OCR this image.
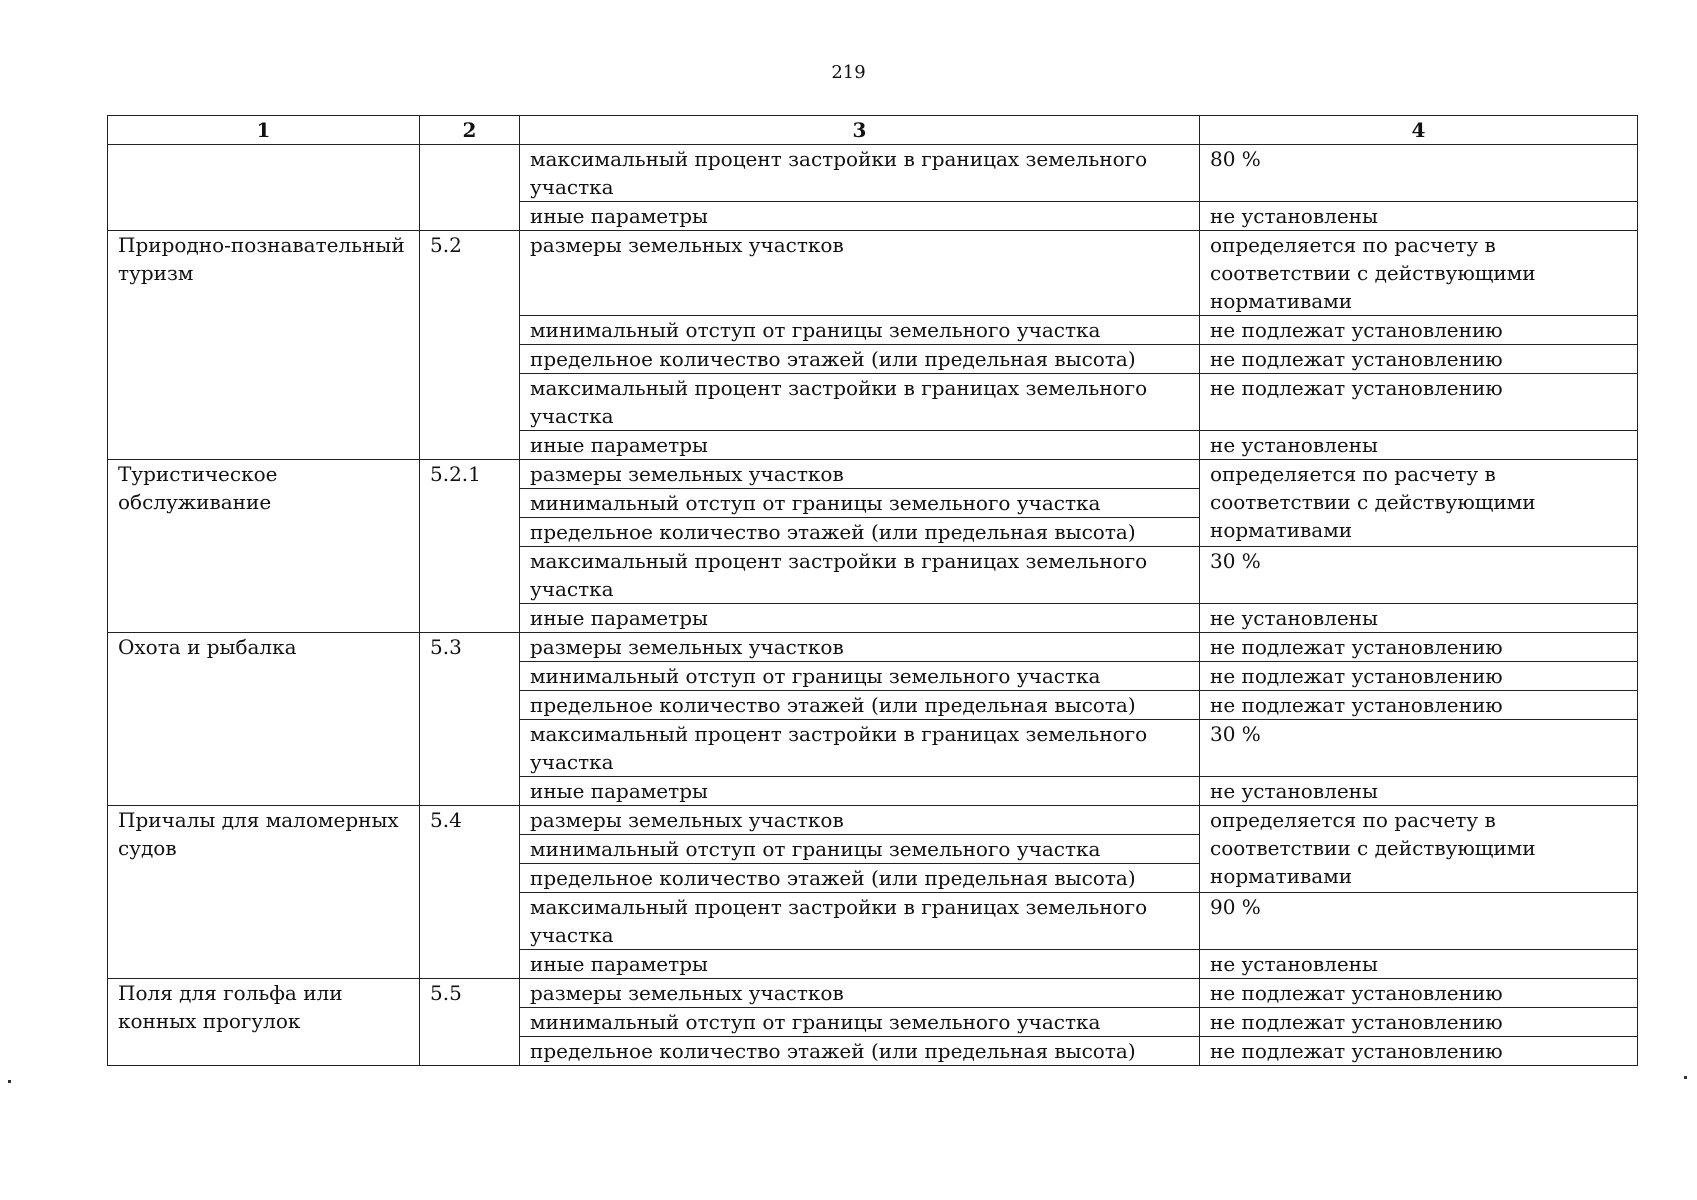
219
1	2	3	4
		максимальный процент застройки в границах земельного участка	80 %
		иные параметры	не установлены
Природно-познавательный туризм	5.2	размеры земельных участков	определяется по расчету в соответствии с действующими нормативами
		минимальный отступ от границы земельного участка	не подлежат установлению
		предельное количество этажей (или предельная высота)	не подлежат установлению
		максимальный процент застройки в границах земельного участка	не подлежат установлению
		иные параметры	не установлены
Туристическое обслуживание	5.2.1	размеры земельных участков	определяется по расчету в соответствии с действующими нормативами
		минимальный отступ от границы земельного участка	
		предельное количество этажей (или предельная высота)	
		максимальный процент застройки в границах земельного участка	30 %
		иные параметры	не установлены
Охота и рыбалка	5.3	размеры земельных участков	не подлежат установлению
		минимальный отступ от границы земельного участка	не подлежат установлению
		предельное количество этажей (или предельная высота)	не подлежат установлению
		максимальный процент застройки в границах земельного участка	30 %
		иные параметры	не установлены
Причалы для маломерных судов	5.4	размеры земельных участков	определяется по расчету в соответствии с действующими нормативами
		минимальный отступ от границы земельного участка	
		предельное количество этажей (или предельная высота)	
		максимальный процент застройки в границах земельного участка	90 %
		иные параметры	не установлены
Поля для гольфа или конных прогулок	5.5	размеры земельных участков	не подлежат установлению
		минимальный отступ от границы земельного участка	не подлежат установлению
		предельное количество этажей (или предельная высота)	не подлежат установлению
